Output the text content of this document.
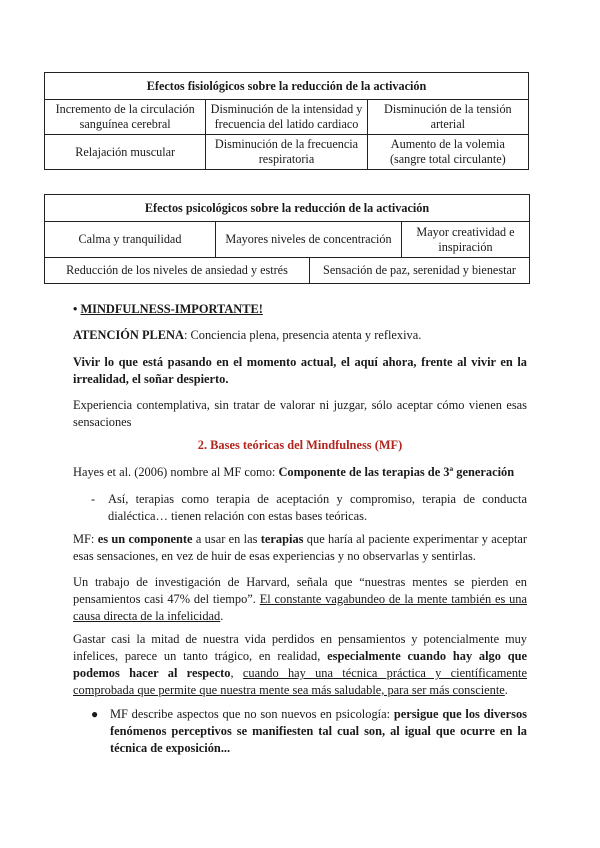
Efectos fisiológicos sobre la reducción de la activación		
Incremento de la circulación sanguínea cerebral	Disminución de la intensidad y frecuencia del latido cardiaco	Disminución de la tensión arterial
Relajación muscular	Disminución de la frecuencia respiratoria	Aumento de la volemia (sangre total circulante)
Efectos psicológicos sobre la reducción de la activación			
Calma y tranquilidad	Mayores niveles de concentración		Mayor creatividad e inspiración
Reducción de los niveles de ansiedad y estrés		Sensación de paz, serenidad y bienestar	

• MINDFULNESS-IMPORTANTE!

ATENCIÓN PLENA: Conciencia plena, presencia atenta y reflexiva.

Vivir lo que está pasando en el momento actual, el aquí ahora, frente al vivir en la irrealidad, el soñar despierto.

Experiencia contemplativa, sin tratar de valorar ni juzgar, sólo aceptar cómo vienen esas sensaciones

2. Bases teóricas del Mindfulness (MF)

Hayes et al. (2006) nombre al MF como: Componente de las terapias de 3ª generación

- Así, terapias como terapia de aceptación y compromiso, terapia de conducta dialéctica… tienen relación con estas bases teóricas.

MF: es un componente a usar en las terapias que haría al paciente experimentar y aceptar esas sensaciones, en vez de huir de esas experiencias y no observarlas y sentirlas.

Un trabajo de investigación de Harvard, señala que “nuestras mentes se pierden en pensamientos casi 47% del tiempo”. El constante vagabundeo de la mente también es una causa directa de la infelicidad.

Gastar casi la mitad de nuestra vida perdidos en pensamientos y potencialmente muy infelices, parece un tanto trágico, en realidad, especialmente cuando hay algo que podemos hacer al respecto, cuando hay una técnica práctica y científicamente comprobada que permite que nuestra mente sea más saludable, para ser más consciente.

● MF describe aspectos que no son nuevos en psicología: persigue que los diversos fenómenos perceptivos se manifiesten tal cual son, al igual que ocurre en la técnica de exposición...
